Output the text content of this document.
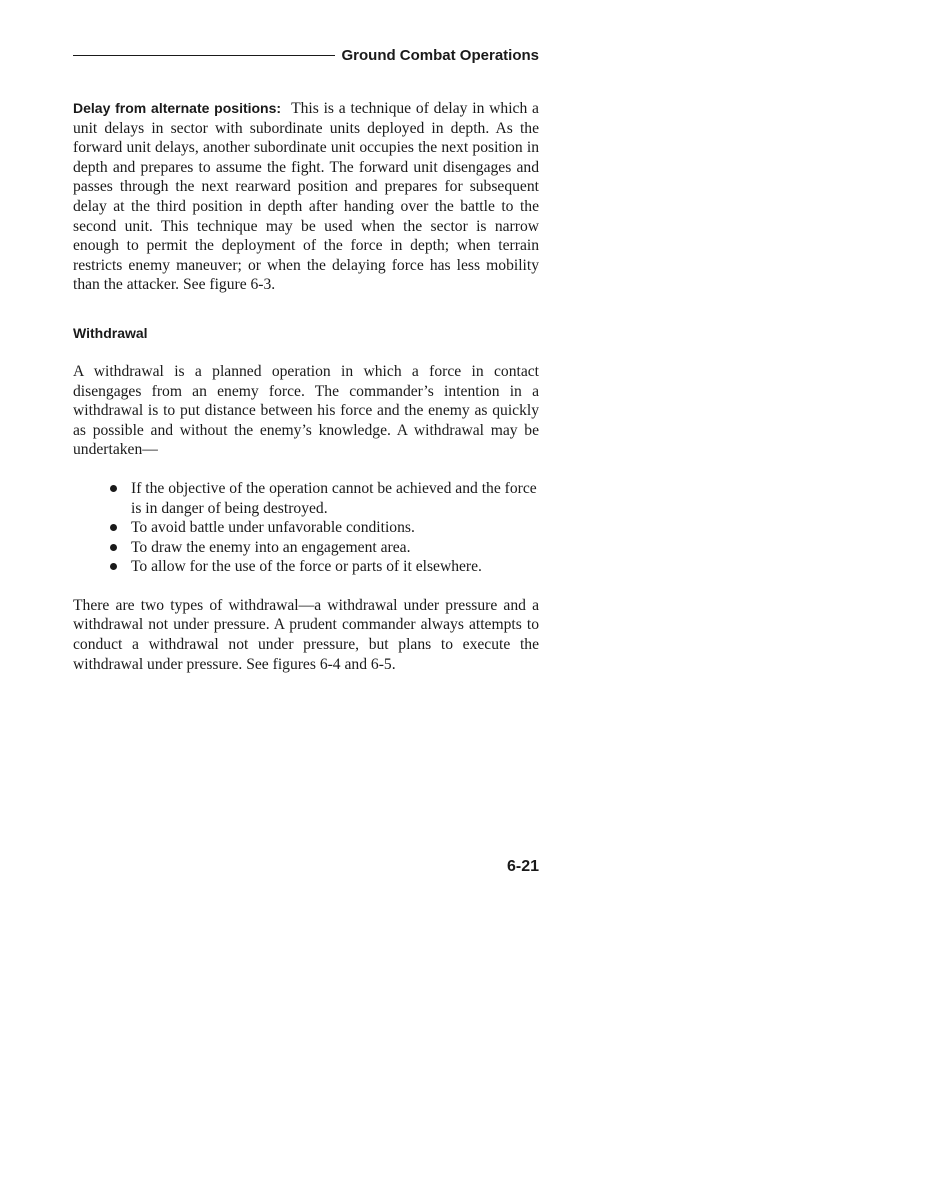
Ground Combat Operations

Delay from alternate positions: This is a technique of delay in which a unit delays in sector with subordinate units deployed in depth. As the forward unit delays, another subordinate unit occupies the next position in depth and prepares to assume the fight. The forward unit disengages and passes through the next rearward position and prepares for subsequent delay at the third position in depth after handing over the battle to the second unit. This technique may be used when the sector is narrow enough to permit the deployment of the force in depth; when terrain restricts enemy maneuver; or when the delaying force has less mobility than the attacker. See figure 6-3.

Withdrawal

A withdrawal is a planned operation in which a force in contact disengages from an enemy force. The commander’s intention in a withdrawal is to put distance between his force and the enemy as quickly as possible and without the enemy’s knowledge. A withdrawal may be undertaken—

If the objective of the operation cannot be achieved and the force is in danger of being destroyed.
To avoid battle under unfavorable conditions.
To draw the enemy into an engagement area.
To allow for the use of the force or parts of it elsewhere.

There are two types of withdrawal—a withdrawal under pressure and a withdrawal not under pressure. A prudent commander always attempts to conduct a withdrawal not under pressure, but plans to execute the withdrawal under pressure. See figures 6-4 and 6-5.

6-21
